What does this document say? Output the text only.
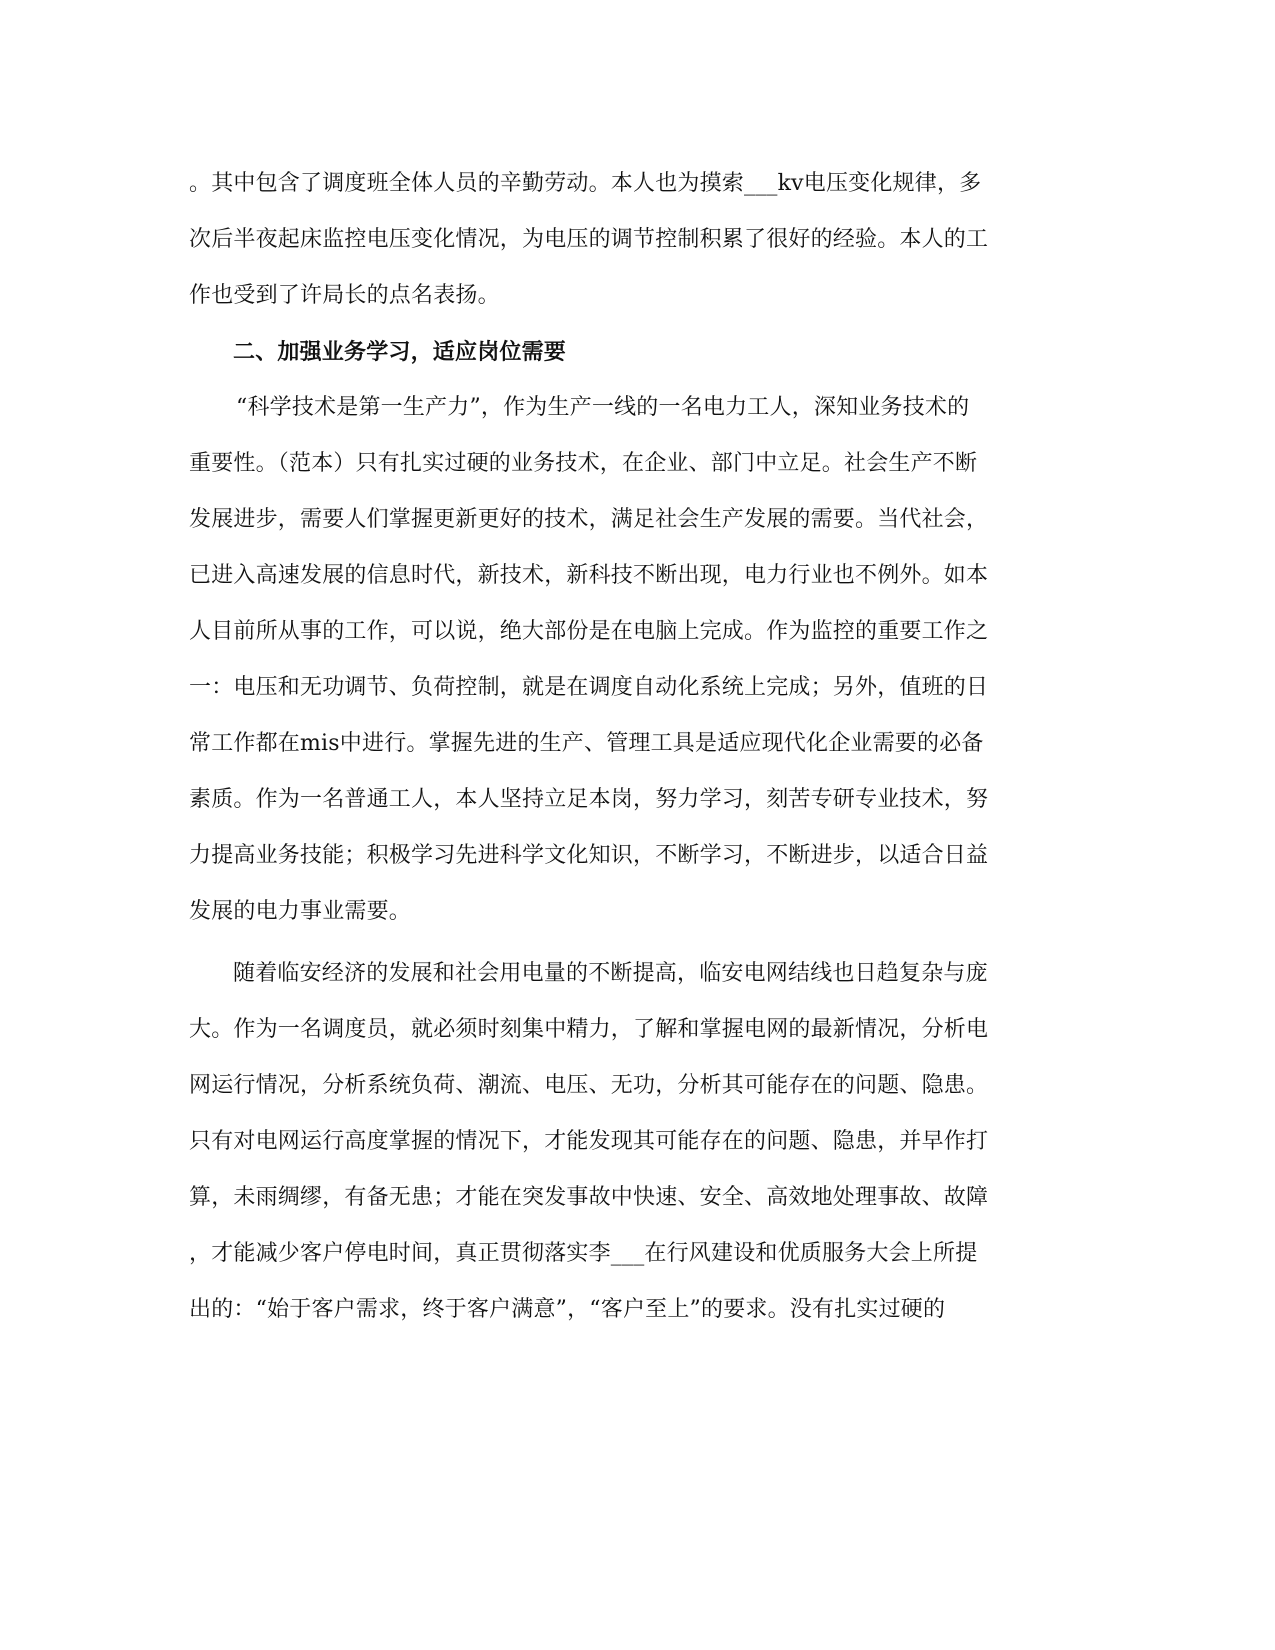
。其中包含了调度班全体人员的辛勤劳动。本人也为摸索___kv电压变化规律，多
次后半夜起床监控电压变化情况，为电压的调节控制积累了很好的经验。本人的工
作也受到了许局长的点名表扬。
二、加强业务学习，适应岗位需要
“科学技术是第一生产力”，作为生产一线的一名电力工人，深知业务技术的
重要性。（范本）只有扎实过硬的业务技术，在企业、部门中立足。社会生产不断
发展进步，需要人们掌握更新更好的技术，满足社会生产发展的需要。当代社会，
已进入高速发展的信息时代，新技术，新科技不断出现，电力行业也不例外。如本
人目前所从事的工作，可以说，绝大部份是在电脑上完成。作为监控的重要工作之
一：电压和无功调节、负荷控制，就是在调度自动化系统上完成；另外，值班的日
常工作都在mis中进行。掌握先进的生产、管理工具是适应现代化企业需要的必备
素质。作为一名普通工人，本人坚持立足本岗，努力学习，刻苦专研专业技术，努
力提高业务技能；积极学习先进科学文化知识，不断学习，不断进步，以适合日益
发展的电力事业需要。
随着临安经济的发展和社会用电量的不断提高，临安电网结线也日趋复杂与庞
大。作为一名调度员，就必须时刻集中精力，了解和掌握电网的最新情况，分析电
网运行情况，分析系统负荷、潮流、电压、无功，分析其可能存在的问题、隐患。
只有对电网运行高度掌握的情况下，才能发现其可能存在的问题、隐患，并早作打
算，未雨绸缪，有备无患；才能在突发事故中快速、安全、高效地处理事故、故障
，才能减少客户停电时间，真正贯彻落实李___在行风建设和优质服务大会上所提
出的：“始于客户需求，终于客户满意”，“客户至上”的要求。没有扎实过硬的
